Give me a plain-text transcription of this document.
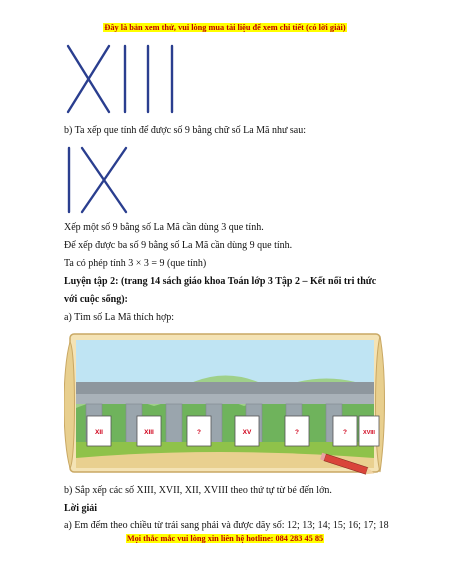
Đây là bản xem thử, vui lòng mua tài liệu để xem chi tiết (có lời giải)
b) Ta xếp que tính để được số 9 bằng chữ số La Mã như sau:
Xếp một số 9 bằng số La Mã cần dùng 3 que tính.
Để xếp được ba số 9 bằng số La Mã cần dùng 9 que tính.
Ta có phép tính 3 × 3 = 9 (que tính)
Luyện tập 2: (trang 14 sách giáo khoa Toán lớp 3 Tập 2 – Kết nối tri thức
với cuộc sống):
a) Tìm số La Mã thích hợp:
XII	XIII	?	XV	?	?	XVIII
b) Sắp xếp các số XIII, XVII, XII, XVIII theo thứ tự từ bé đến lớn.
Lời giải
a) Em đếm theo chiều từ trái sang phải và được dãy số: 12; 13; 14; 15; 16; 17; 18
Mọi thắc mắc vui lòng xin liên hệ hotline: 084 283 45 85
